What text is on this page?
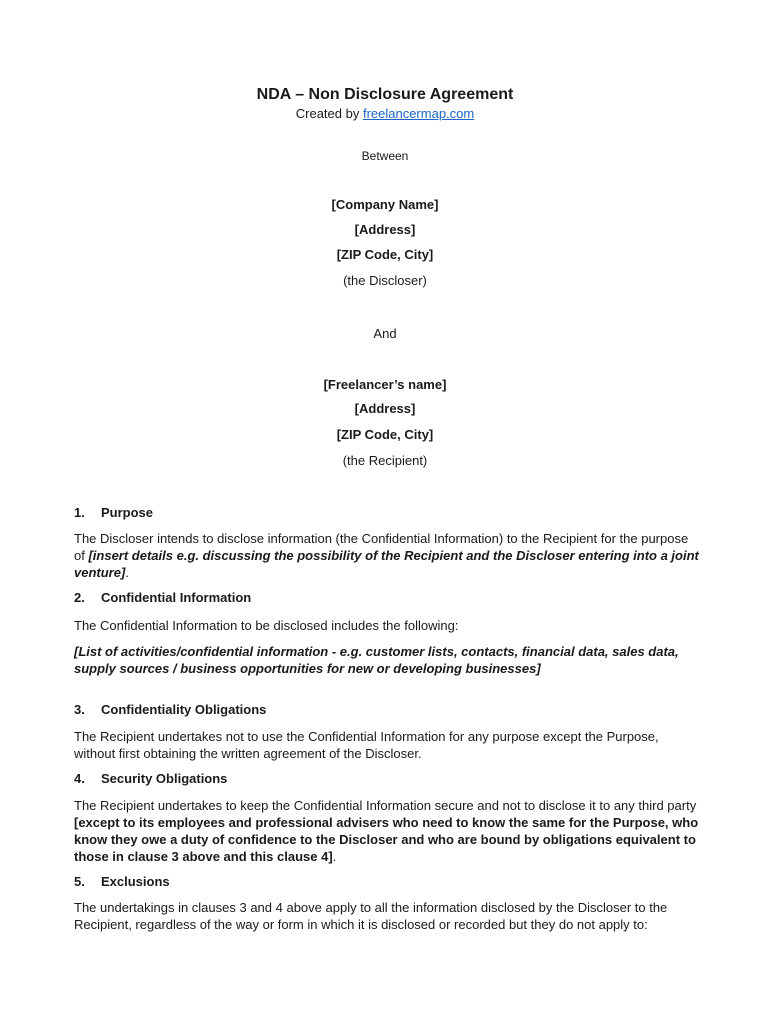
NDA – Non Disclosure Agreement
Created by freelancermap.com
Between
[Company Name]
[Address]
[ZIP Code, City]
(the Discloser)
And
[Freelancer’s name]
[Address]
[ZIP Code, City]
(the Recipient)
1. Purpose
The Discloser intends to disclose information (the Confidential Information) to the Recipient for the purpose of [insert details e.g. discussing the possibility of the Recipient and the Discloser entering into a joint venture].
2. Confidential Information
The Confidential Information to be disclosed includes the following:
[List of activities/confidential information - e.g. customer lists, contacts, financial data, sales data, supply sources / business opportunities for new or developing businesses]
3. Confidentiality Obligations
The Recipient undertakes not to use the Confidential Information for any purpose except the Purpose, without first obtaining the written agreement of the Discloser.
4. Security Obligations
The Recipient undertakes to keep the Confidential Information secure and not to disclose it to any third party [except to its employees and professional advisers who need to know the same for the Purpose, who know they owe a duty of confidence to the Discloser and who are bound by obligations equivalent to those in clause 3 above and this clause 4].
5. Exclusions
The undertakings in clauses 3 and 4 above apply to all the information disclosed by the Discloser to the Recipient, regardless of the way or form in which it is disclosed or recorded but they do not apply to:
